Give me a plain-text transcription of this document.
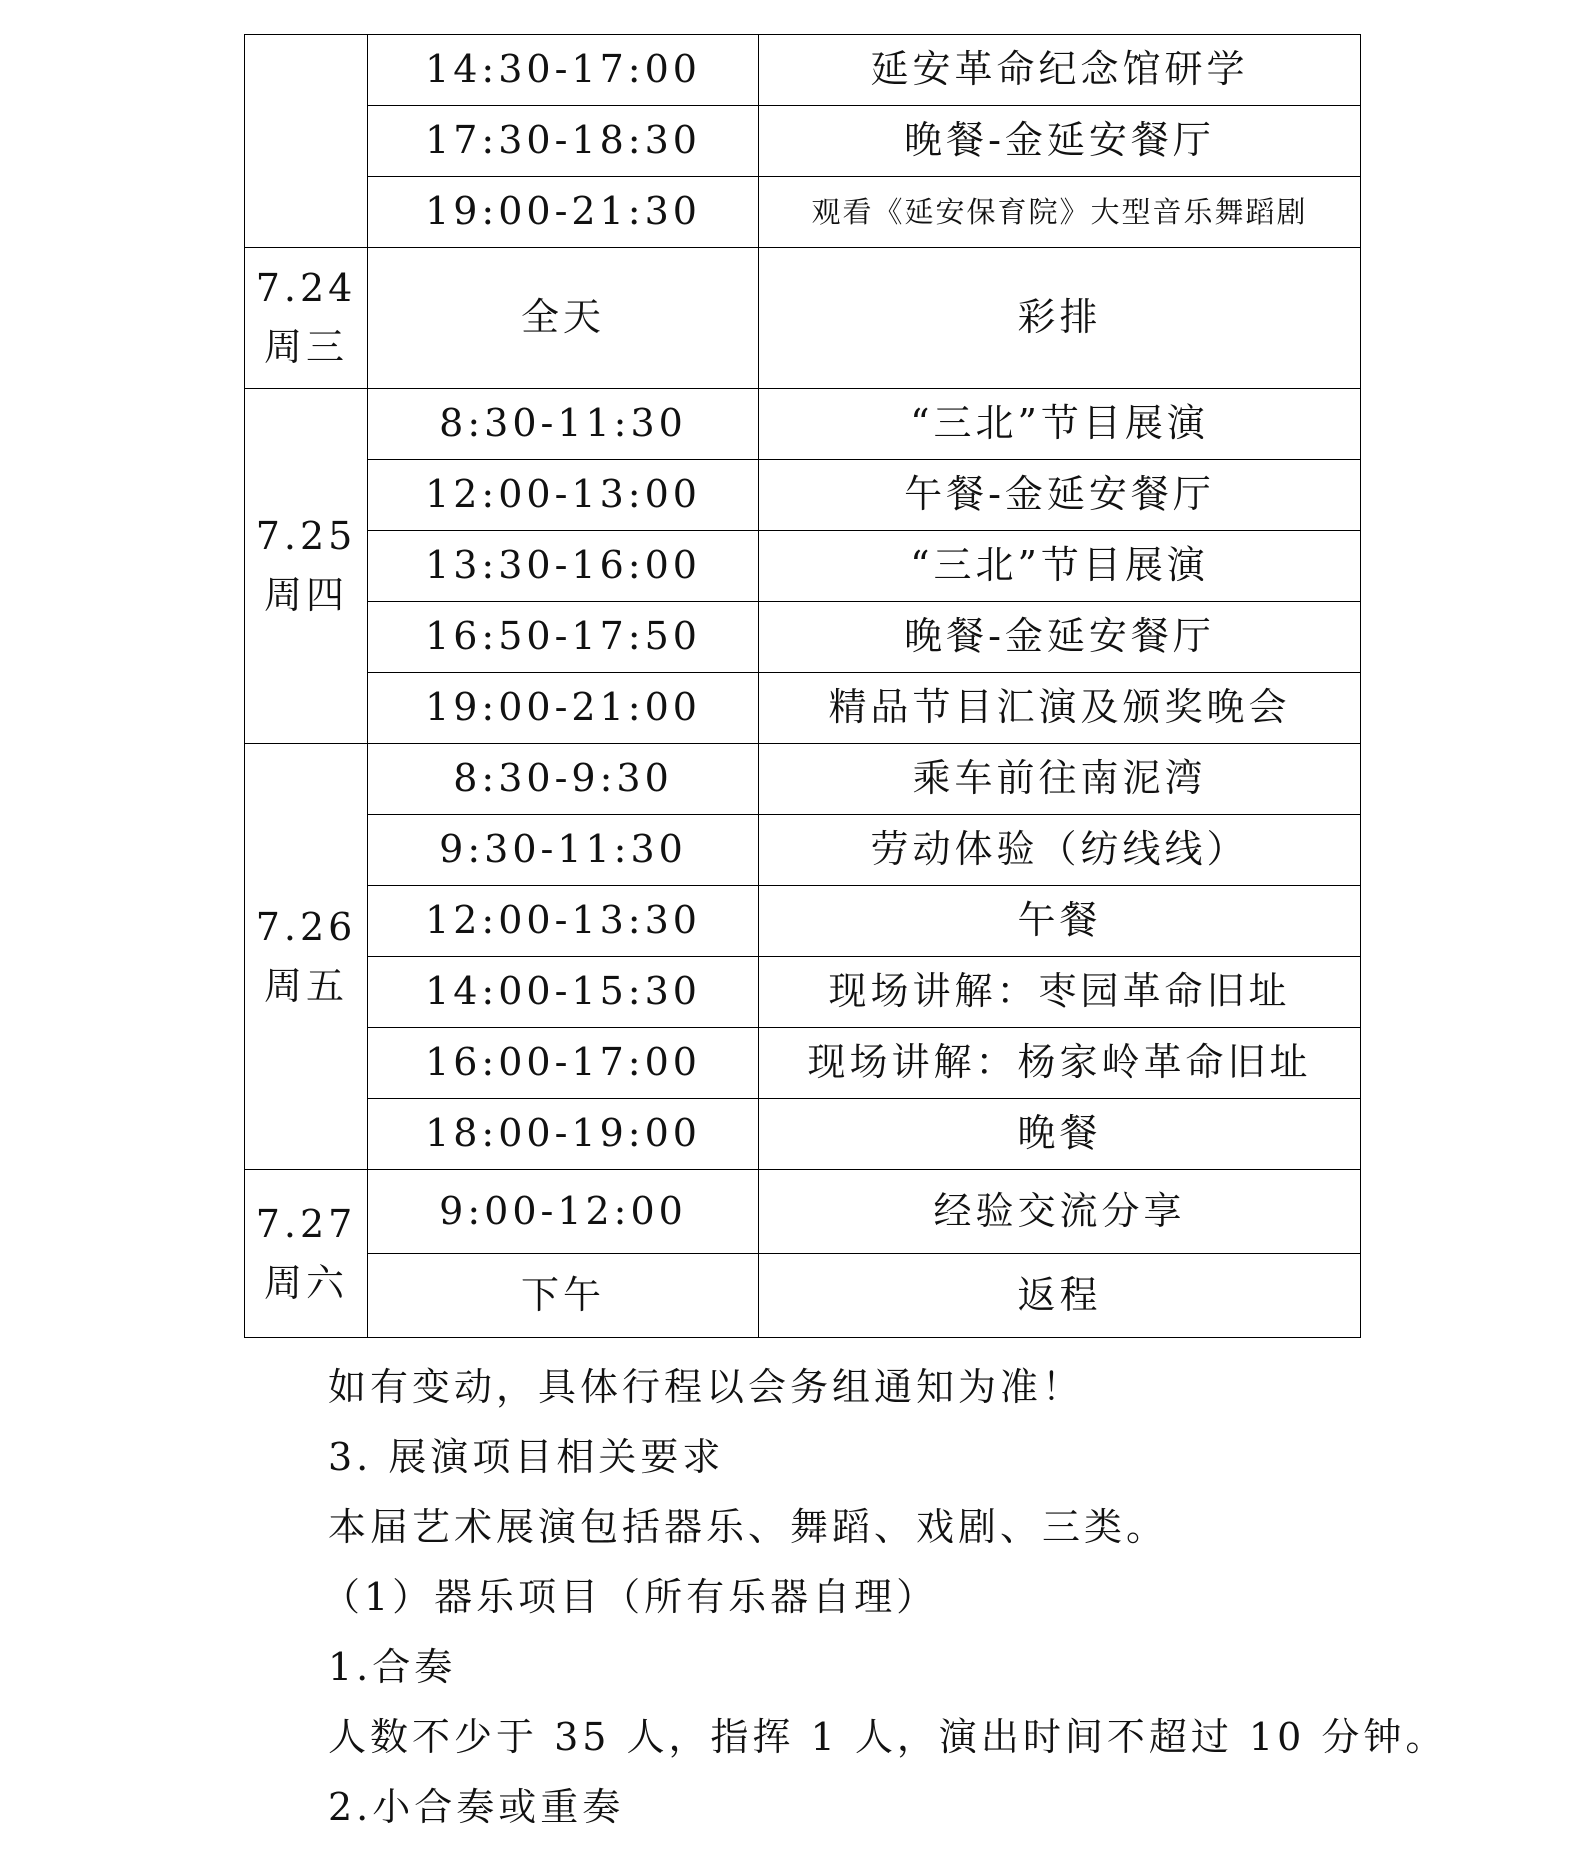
	14:30-17:00	延安革命纪念馆研学
	17:30-18:30	晚餐-金延安餐厅
	19:00-21:30	观看《延安保育院》大型音乐舞蹈剧

7.24
周三	全天	彩排

7.25
周四	8:30-11:30	“三北”节目展演
	12:00-13:00	午餐-金延安餐厅
	13:30-16:00	“三北”节目展演
	16:50-17:50	晚餐-金延安餐厅
	19:00-21:00	精品节目汇演及颁奖晚会

7.26
周五	8:30-9:30	乘车前往南泥湾
	9:30-11:30	劳动体验（纺线线）
	12:00-13:30	午餐
	14:00-15:30	现场讲解：枣园革命旧址
	16:00-17:00	现场讲解：杨家岭革命旧址
	18:00-19:00	晚餐

7.27
周六	9:00-12:00	经验交流分享
	下午	返程

如有变动，具体行程以会务组通知为准！

3. 展演项目相关要求

本届艺术展演包括器乐、舞蹈、戏剧、三类。

（1）器乐项目（所有乐器自理）

1.合奏

人数不少于 35 人，指挥 1 人，演出时间不超过 10 分钟。

2.小合奏或重奏
